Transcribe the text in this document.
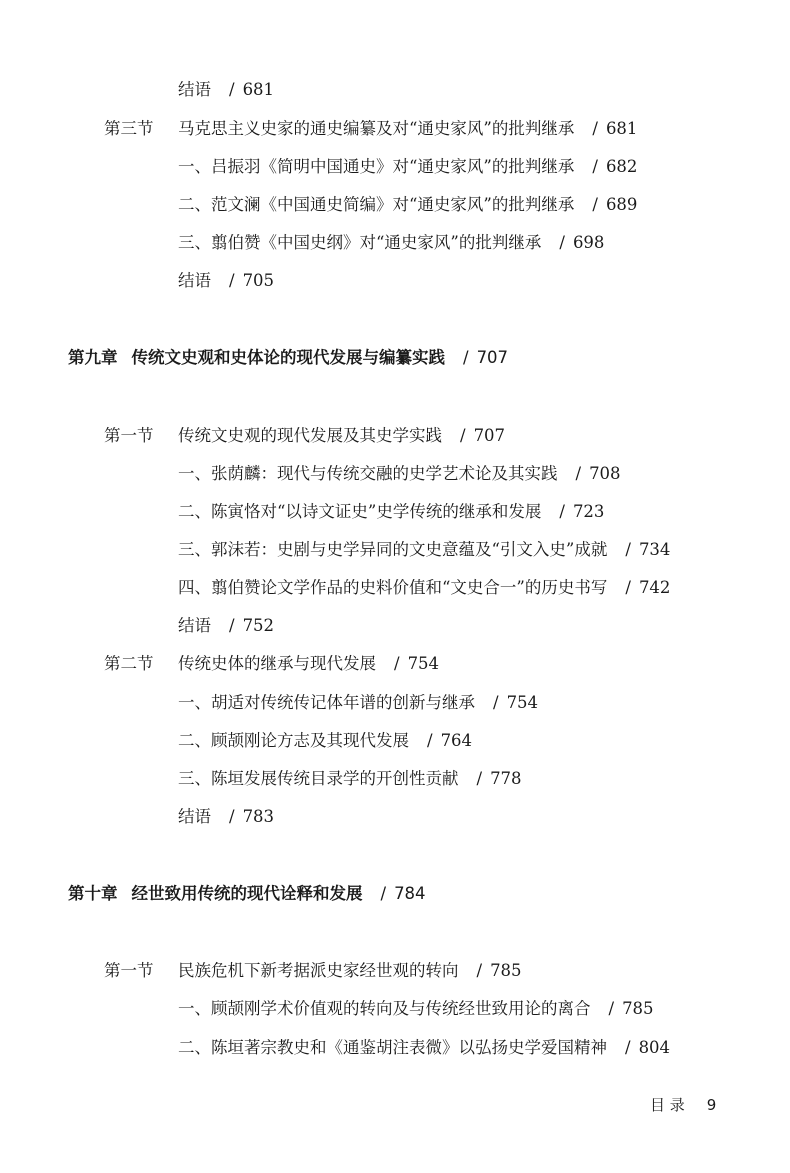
结语 / 681
第三节 马克思主义史家的通史编纂及对“通史家风”的批判继承 / 681
一、吕振羽《简明中国通史》对“通史家风”的批判继承 / 682
二、范文澜《中国通史简编》对“通史家风”的批判继承 / 689
三、翦伯赞《中国史纲》对“通史家风”的批判继承 / 698
结语 / 705
第九章 传统文史观和史体论的现代发展与编纂实践 / 707
第一节 传统文史观的现代发展及其史学实践 / 707
一、张荫麟：现代与传统交融的史学艺术论及其实践 / 708
二、陈寅恪对“以诗文证史”史学传统的继承和发展 / 723
三、郭沫若：史剧与史学异同的文史意蕴及“引文入史”成就 / 734
四、翦伯赞论文学作品的史料价值和“文史合一”的历史书写 / 742
结语 / 752
第二节 传统史体的继承与现代发展 / 754
一、胡适对传统传记体年谱的创新与继承 / 754
二、顾颉刚论方志及其现代发展 / 764
三、陈垣发展传统目录学的开创性贡献 / 778
结语 / 783
第十章 经世致用传统的现代诠释和发展 / 784
第一节 民族危机下新考据派史家经世观的转向 / 785
一、顾颉刚学术价值观的转向及与传统经世致用论的离合 / 785
二、陈垣著宗教史和《通鉴胡注表微》以弘扬史学爱国精神 / 804
目 录 9
